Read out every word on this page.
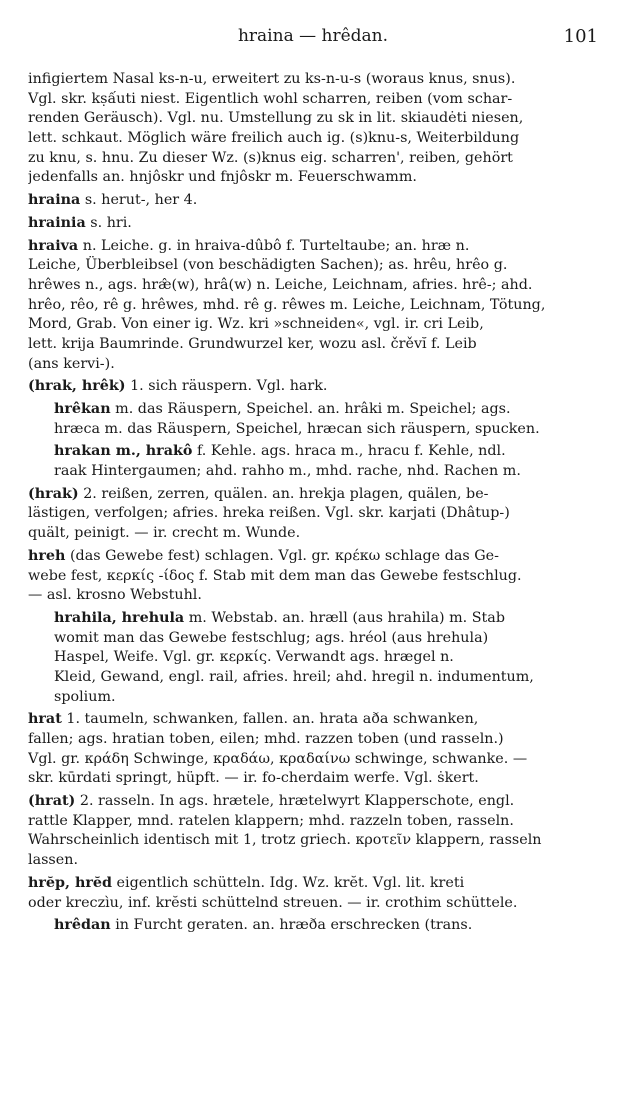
hraina — hrêdan.	101
infigiertem Nasal ks-n-u, erweitert zu ks-n-u-s (woraus knus, snus).
Vgl. skr. kṣấuti niest. Eigentlich wohl scharren, reiben (vom schar-
renden Geräusch). Vgl. nu. Umstellung zu sk in lit. skiaudėti niesen,
lett. schkaut. Möglich wäre freilich auch ig. (s)knu-s, Weiterbildung
zu knu, s. hnu. Zu dieser Wz. (s)knus eig. scharren', reiben, gehört
jedenfalls an. hnjôskr und fnjôskr m. Feuerschwamm.
hraina s. herut-, her 4.
hrainia s. hri.
hraiva n. Leiche. g. in hraiva-dûbô f. Turteltaube; an. hræ n.
Leiche, Überbleibsel (von beschädigten Sachen); as. hrêu, hrêo g.
hrêwes n., ags. hræ̂(w), hrâ(w) n. Leiche, Leichnam, afries. hrê-; ahd.
hrêo, rêo, rê g. hrêwes, mhd. rê g. rêwes m. Leiche, Leichnam, Tötung,
Mord, Grab. Von einer ig. Wz. kri »schneiden«, vgl. ir. cri Leib,
lett. krija Baumrinde. Grundwurzel ker, wozu asl. črěvĭ f. Leib
(ans kervi-).
(hrak, hrêk) 1. sich räuspern. Vgl. hark.
hrêkan m. das Räuspern, Speichel. an. hrâki m. Speichel; ags.
hræca m. das Räuspern, Speichel, hræcan sich räuspern, spucken.
hrakan m., hrakô f. Kehle. ags. hraca m., hracu f. Kehle, ndl.
raak Hintergaumen; ahd. rahho m., mhd. rache, nhd. Rachen m.
(hrak) 2. reißen, zerren, quälen. an. hrekja plagen, quälen, be-
lästigen, verfolgen; afries. hreka reißen. Vgl. skr. karjati (Dhâtup-)
quält, peinigt. — ir. crecht m. Wunde.
hreh (das Gewebe fest) schlagen. Vgl. gr. κρέκω schlage das Ge-
webe fest, κερκίς -ίδος f. Stab mit dem man das Gewebe festschlug.
— asl. krosno Webstuhl.
hrahila, hrehula m. Webstab. an. hræll (aus hrahila) m. Stab
womit man das Gewebe festschlug; ags. hréol (aus hrehula)
Haspel, Weife. Vgl. gr. κερκίς. Verwandt ags. hrægel n.
Kleid, Gewand, engl. rail, afries. hreil; ahd. hregil n. indumentum,
spolium.
hrat 1. taumeln, schwanken, fallen. an. hrata aða schwanken,
fallen; ags. hratian toben, eilen; mhd. razzen toben (und rasseln.)
Vgl. gr. κράδη Schwinge, κραδάω, κραδαίνω schwinge, schwanke. —
skr. kūrdati springt, hüpft. — ir. fo-cherdaim werfe. Vgl. ṡkert.
(hrat) 2. rasseln. In ags. hrætele, hrætelwyrt Klapperschote, engl.
rattle Klapper, mnd. ratelen klappern; mhd. razzeln toben, rasseln.
Wahrscheinlich identisch mit 1, trotz griech. κροτεῖν klappern, rasseln
lassen.
hrĕp, hrĕd eigentlich schütteln. Idg. Wz. krĕt. Vgl. lit. kreti
oder kreczìu, inf. krĕsti schüttelnd streuen. — ir. crothim schüttele.
hrêdan in Furcht geraten. an. hræða erschrecken (trans.
